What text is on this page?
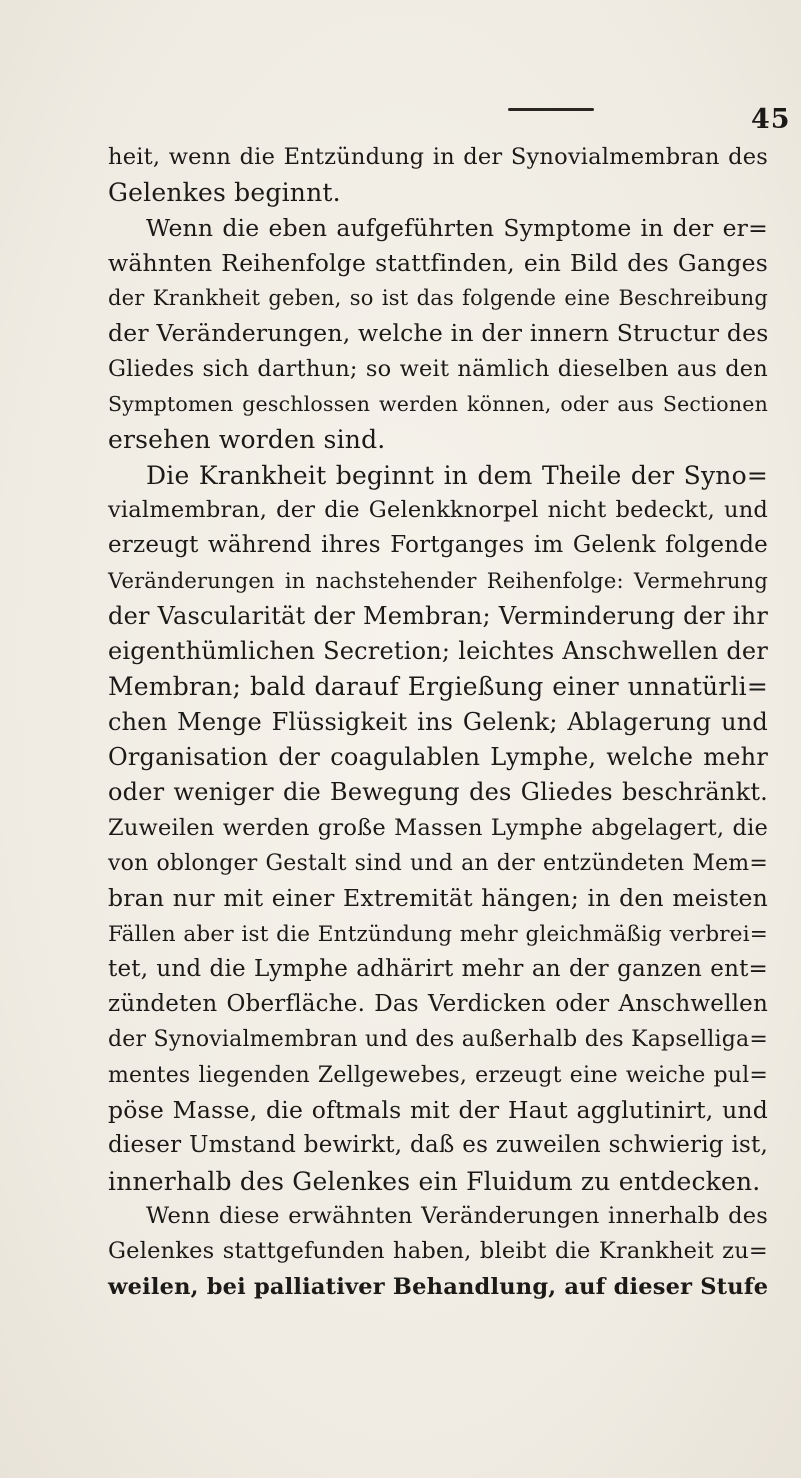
45
heit, wenn die Entzündung in der Synovialmembran des
Gelenkes beginnt.
Wenn die eben aufgeführten Symptome in der er=
wähnten Reihenfolge stattfinden, ein Bild des Ganges
der Krankheit geben, so ist das folgende eine Beschreibung
der Veränderungen, welche in der innern Structur des
Gliedes sich darthun; so weit nämlich dieselben aus den
Symptomen geschlossen werden können, oder aus Sectionen
ersehen worden sind.
Die Krankheit beginnt in dem Theile der Syno=
vialmembran, der die Gelenkknorpel nicht bedeckt, und
erzeugt während ihres Fortganges im Gelenk folgende
Veränderungen in nachstehender Reihenfolge: Vermehrung
der Vascularität der Membran; Verminderung der ihr
eigenthümlichen Secretion; leichtes Anschwellen der
Membran; bald darauf Ergießung einer unnatürli=
chen Menge Flüssigkeit ins Gelenk; Ablagerung und
Organisation der coagulablen Lymphe, welche mehr
oder weniger die Bewegung des Gliedes beschränkt.
Zuweilen werden große Massen Lymphe abgelagert, die
von oblonger Gestalt sind und an der entzündeten Mem=
bran nur mit einer Extremität hängen; in den meisten
Fällen aber ist die Entzündung mehr gleichmäßig verbrei=
tet, und die Lymphe adhärirt mehr an der ganzen ent=
zündeten Oberfläche. Das Verdicken oder Anschwellen
der Synovialmembran und des außerhalb des Kapselliga=
mentes liegenden Zellgewebes, erzeugt eine weiche pul=
pöse Masse, die oftmals mit der Haut agglutinirt, und
dieser Umstand bewirkt, daß es zuweilen schwierig ist,
innerhalb des Gelenkes ein Fluidum zu entdecken.
Wenn diese erwähnten Veränderungen innerhalb des
Gelenkes stattgefunden haben, bleibt die Krankheit zu=
weilen, bei palliativer Behandlung, auf dieser Stufe
